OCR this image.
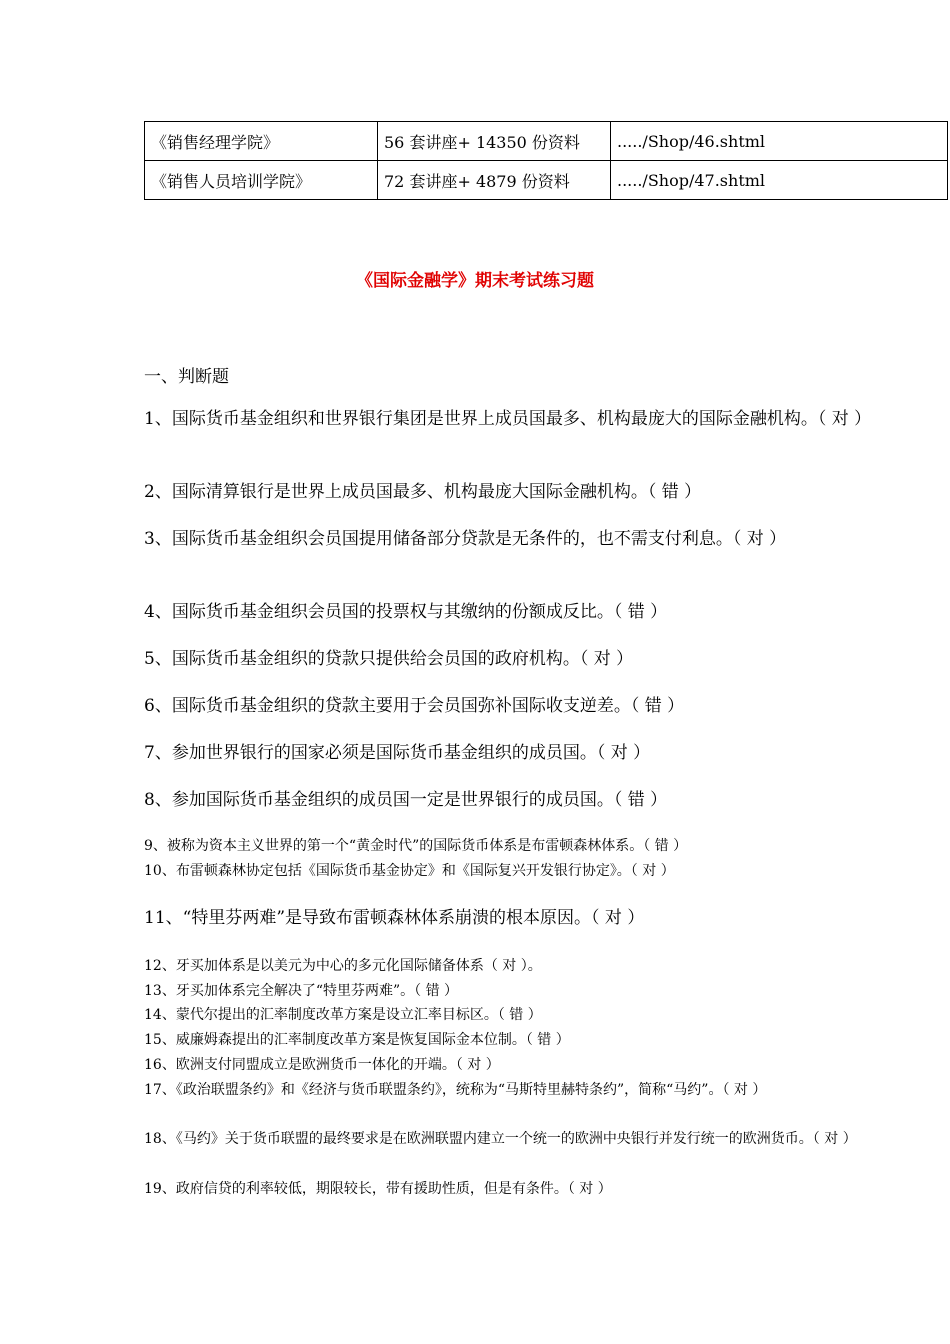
《销售经理学院》	56 套讲座+ 14350 份资料	...../Shop/46.shtml
《销售人员培训学院》	72 套讲座+ 4879 份资料	...../Shop/47.shtml
《国际金融学》期末考试练习题
一、判断题
1、国际货币基金组织和世界银行集团是世界上成员国最多、机构最庞大的国际金融机构。（ 对 ）
2、国际清算银行是世界上成员国最多、机构最庞大国际金融机构。（ 错 ）
3、国际货币基金组织会员国提用储备部分贷款是无条件的，也不需支付利息。（ 对 ）
4、国际货币基金组织会员国的投票权与其缴纳的份额成反比。（ 错 ）
5、国际货币基金组织的贷款只提供给会员国的政府机构。（ 对 ）
6、国际货币基金组织的贷款主要用于会员国弥补国际收支逆差。（ 错 ）
7、参加世界银行的国家必须是国际货币基金组织的成员国。（ 对 ）
8、参加国际货币基金组织的成员国一定是世界银行的成员国。（ 错 ）
9、被称为资本主义世界的第一个“黄金时代”的国际货币体系是布雷顿森林体系。（ 错 ）
10、布雷顿森林协定包括《国际货币基金协定》和《国际复兴开发银行协定》。（ 对 ）
11、“特里芬两难”是导致布雷顿森林体系崩溃的根本原因。（ 对 ）
12、牙买加体系是以美元为中心的多元化国际储备体系（ 对 ）。
13、牙买加体系完全解决了“特里芬两难”。（ 错 ）
14、蒙代尔提出的汇率制度改革方案是设立汇率目标区。（ 错 ）
15、威廉姆森提出的汇率制度改革方案是恢复国际金本位制。（ 错 ）
16、欧洲支付同盟成立是欧洲货币一体化的开端。（ 对 ）
17、《政治联盟条约》和《经济与货币联盟条约》，统称为“马斯特里赫特条约”，简称“马约”。（ 对 ）
18、《马约》关于货币联盟的最终要求是在欧洲联盟内建立一个统一的欧洲中央银行并发行统一的欧洲货币。（ 对 ）
19、政府信贷的利率较低，期限较长，带有援助性质，但是有条件。（ 对 ）
